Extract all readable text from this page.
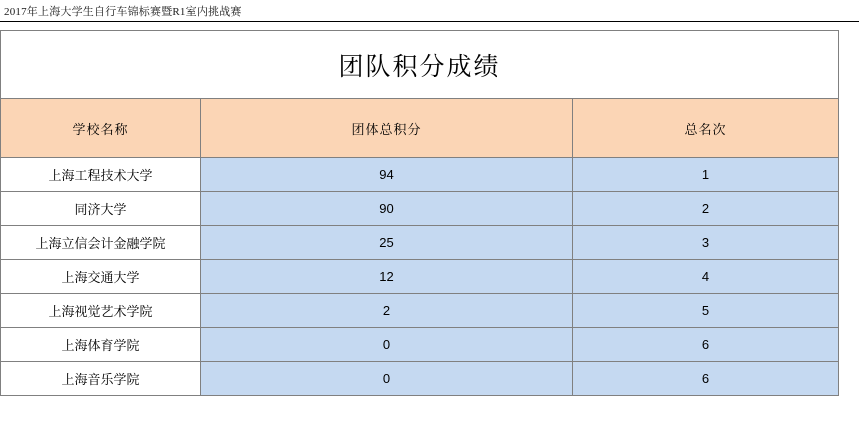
2017年上海大学生自行车锦标赛暨R1室内挑战赛
团队积分成绩		
学校名称	团体总积分	总名次
上海工程技术大学	94	1
同济大学	90	2
上海立信会计金融学院	25	3
上海交通大学	12	4
上海视觉艺术学院	2	5
上海体育学院	0	6
上海音乐学院	0	6
